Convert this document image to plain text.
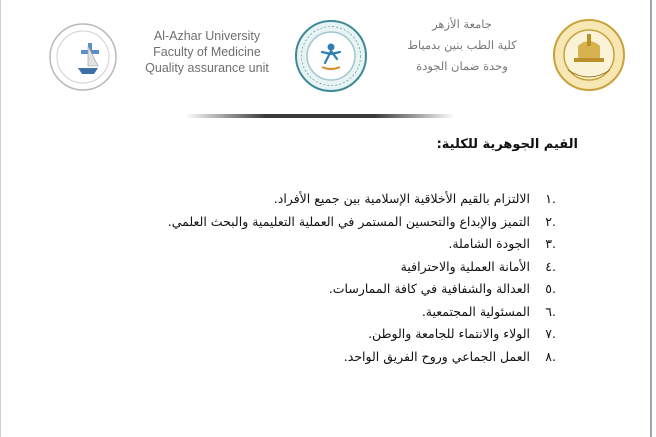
Al-Azhar University
Faculty of Medicine
Quality assurance unit
جامعة الأزهر
كلية الطب بنين بدمياط
وحدة ضمان الجودة
القيم الجوهرية للكلية:
.١ الالتزام بالقيم الأخلاقية الإسلامية بين جميع الأفراد.
.٢ التميز والإبداع والتحسين المستمر في العملية التعليمية والبحث العلمي.
.٣ الجودة الشاملة.
.٤ الأمانة العملية والاحترافية
.٥ العدالة والشفافية في كافة الممارسات.
.٦ المسئولية المجتمعية.
.٧ الولاء والانتماء للجامعة والوطن.
.٨ العمل الجماعي وروح الفريق الواحد.
